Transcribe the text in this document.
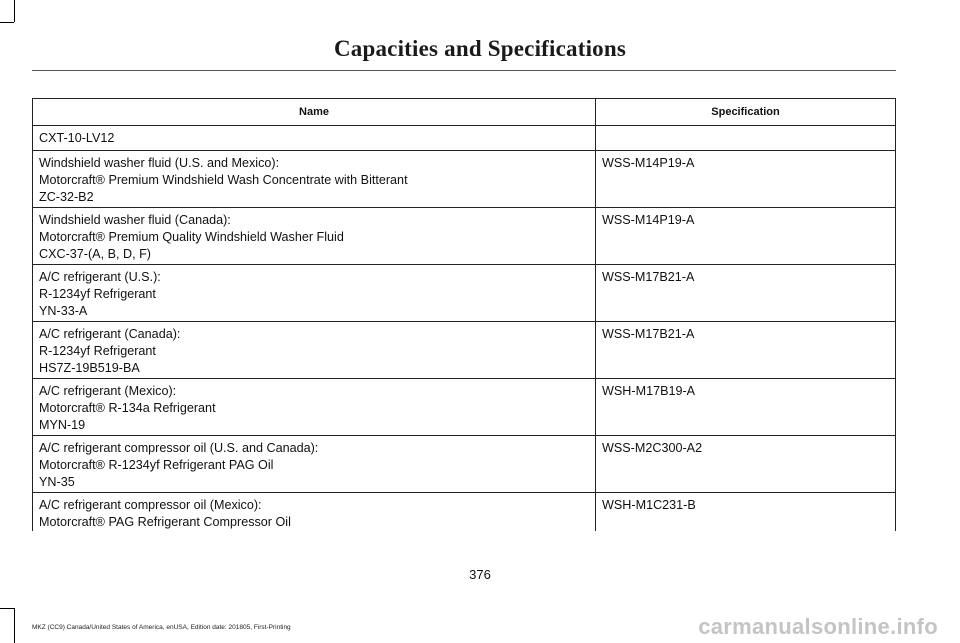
Capacities and Specifications
Name	Specification

CXT-10-LV12	

Windshield washer fluid (U.S. and Mexico):
Motorcraft® Premium Windshield Wash Concentrate with Bitterant
ZC-32-B2	WSS-M14P19-A

Windshield washer fluid (Canada):
Motorcraft® Premium Quality Windshield Washer Fluid
CXC-37-(A, B, D, F)	WSS-M14P19-A

A/C refrigerant (U.S.):
R-1234yf Refrigerant
YN-33-A	WSS-M17B21-A

A/C refrigerant (Canada):
R-1234yf Refrigerant
HS7Z-19B519-BA	WSS-M17B21-A

A/C refrigerant (Mexico):
Motorcraft® R-134a Refrigerant
MYN-19	WSH-M17B19-A

A/C refrigerant compressor oil (U.S. and Canada):
Motorcraft® R-1234yf Refrigerant PAG Oil
YN-35	WSS-M2C300-A2

A/C refrigerant compressor oil (Mexico):
Motorcraft® PAG Refrigerant Compressor Oil	WSH-M1C231-B
376
MKZ (CC9) Canada/United States of America, enUSA, Edition date: 201805, First-Printing	carmanualsonline.info
